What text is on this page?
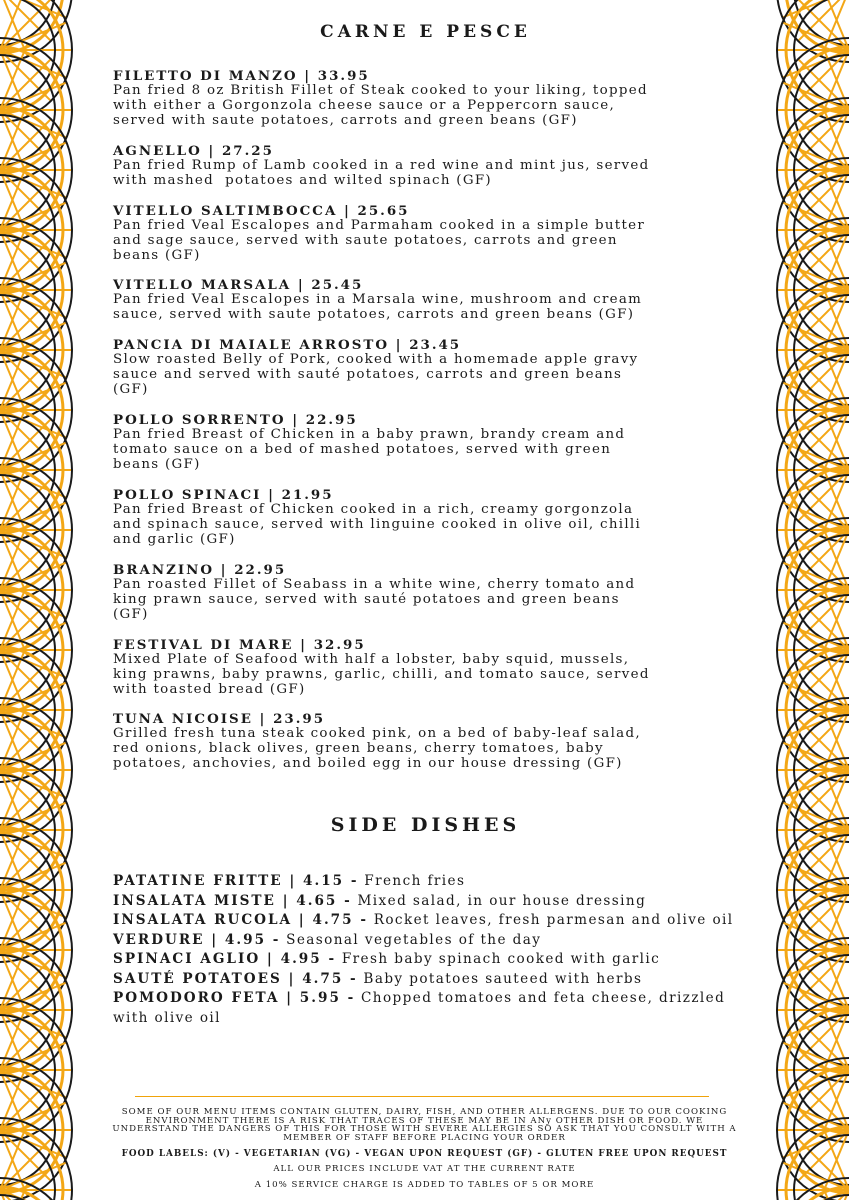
CARNE E PESCE
FILETTO DI MANZO | 33.95
Pan fried 8 oz British Fillet of Steak cooked to your liking, topped
with either a Gorgonzola cheese sauce or a Peppercorn sauce,
served with saute potatoes, carrots and green beans (GF)
AGNELLO | 27.25
Pan fried Rump of Lamb cooked in a red wine and mint jus, served
with mashed  potatoes and wilted spinach (GF)
VITELLO SALTIMBOCCA | 25.65
Pan fried Veal Escalopes and Parmaham cooked in a simple butter
and sage sauce, served with saute potatoes, carrots and green
beans (GF)
VITELLO MARSALA | 25.45
Pan fried Veal Escalopes in a Marsala wine, mushroom and cream
sauce, served with saute potatoes, carrots and green beans (GF)
PANCIA DI MAIALE ARROSTO | 23.45
Slow roasted Belly of Pork, cooked with a homemade apple gravy
sauce and served with sauté potatoes, carrots and green beans
(GF)
POLLO SORRENTO | 22.95
Pan fried Breast of Chicken in a baby prawn, brandy cream and
tomato sauce on a bed of mashed potatoes, served with green
beans (GF)
POLLO SPINACI | 21.95
Pan fried Breast of Chicken cooked in a rich, creamy gorgonzola
and spinach sauce, served with linguine cooked in olive oil, chilli
and garlic (GF)
BRANZINO | 22.95
Pan roasted Fillet of Seabass in a white wine, cherry tomato and
king prawn sauce, served with sauté potatoes and green beans
(GF)
FESTIVAL DI MARE | 32.95
Mixed Plate of Seafood with half a lobster, baby squid, mussels,
king prawns, baby prawns, garlic, chilli, and tomato sauce, served
with toasted bread (GF)
TUNA NICOISE | 23.95
Grilled fresh tuna steak cooked pink, on a bed of baby-leaf salad,
red onions, black olives, green beans, cherry tomatoes, baby
potatoes, anchovies, and boiled egg in our house dressing (GF)
SIDE DISHES
PATATINE FRITTE | 4.15 - French fries
INSALATA MISTE | 4.65 - Mixed salad, in our house dressing
INSALATA RUCOLA | 4.75 - Rocket leaves, fresh parmesan and olive oil
VERDURE | 4.95 - Seasonal vegetables of the day
SPINACI AGLIO | 4.95 - Fresh baby spinach cooked with garlic
SAUTÉ POTATOES | 4.75 - Baby potatoes sauteed with herbs
POMODORO FETA | 5.95 - Chopped tomatoes and feta cheese, drizzled with olive oil
SOME OF OUR MENU ITEMS CONTAIN GLUTEN, DAIRY, FISH, AND OTHER ALLERGENS. DUE TO OUR COOKING ENVIRONMENT THERE IS A RISK THAT TRACES OF THESE MAY BE IN ANy OTHER DISH OR FOOD. WE UNDERSTAND THE DANGERS OF THIS FOR THOSE WITH SEVERE ALLERGIES SO ASK THAT YOU CONSULT WITH A MEMBER OF STAFF BEFORE PLACING YOUR ORDER
FOOD LABELS: (V) - VEGETARIAN (VG) - VEGAN UPON REQUEST (GF) - GLUTEN FREE UPON REQUEST
ALL OUR PRICES INCLUDE VAT AT THE CURRENT RATE
A 10% SERVICE CHARGE IS ADDED TO TABLES OF 5 OR MORE
